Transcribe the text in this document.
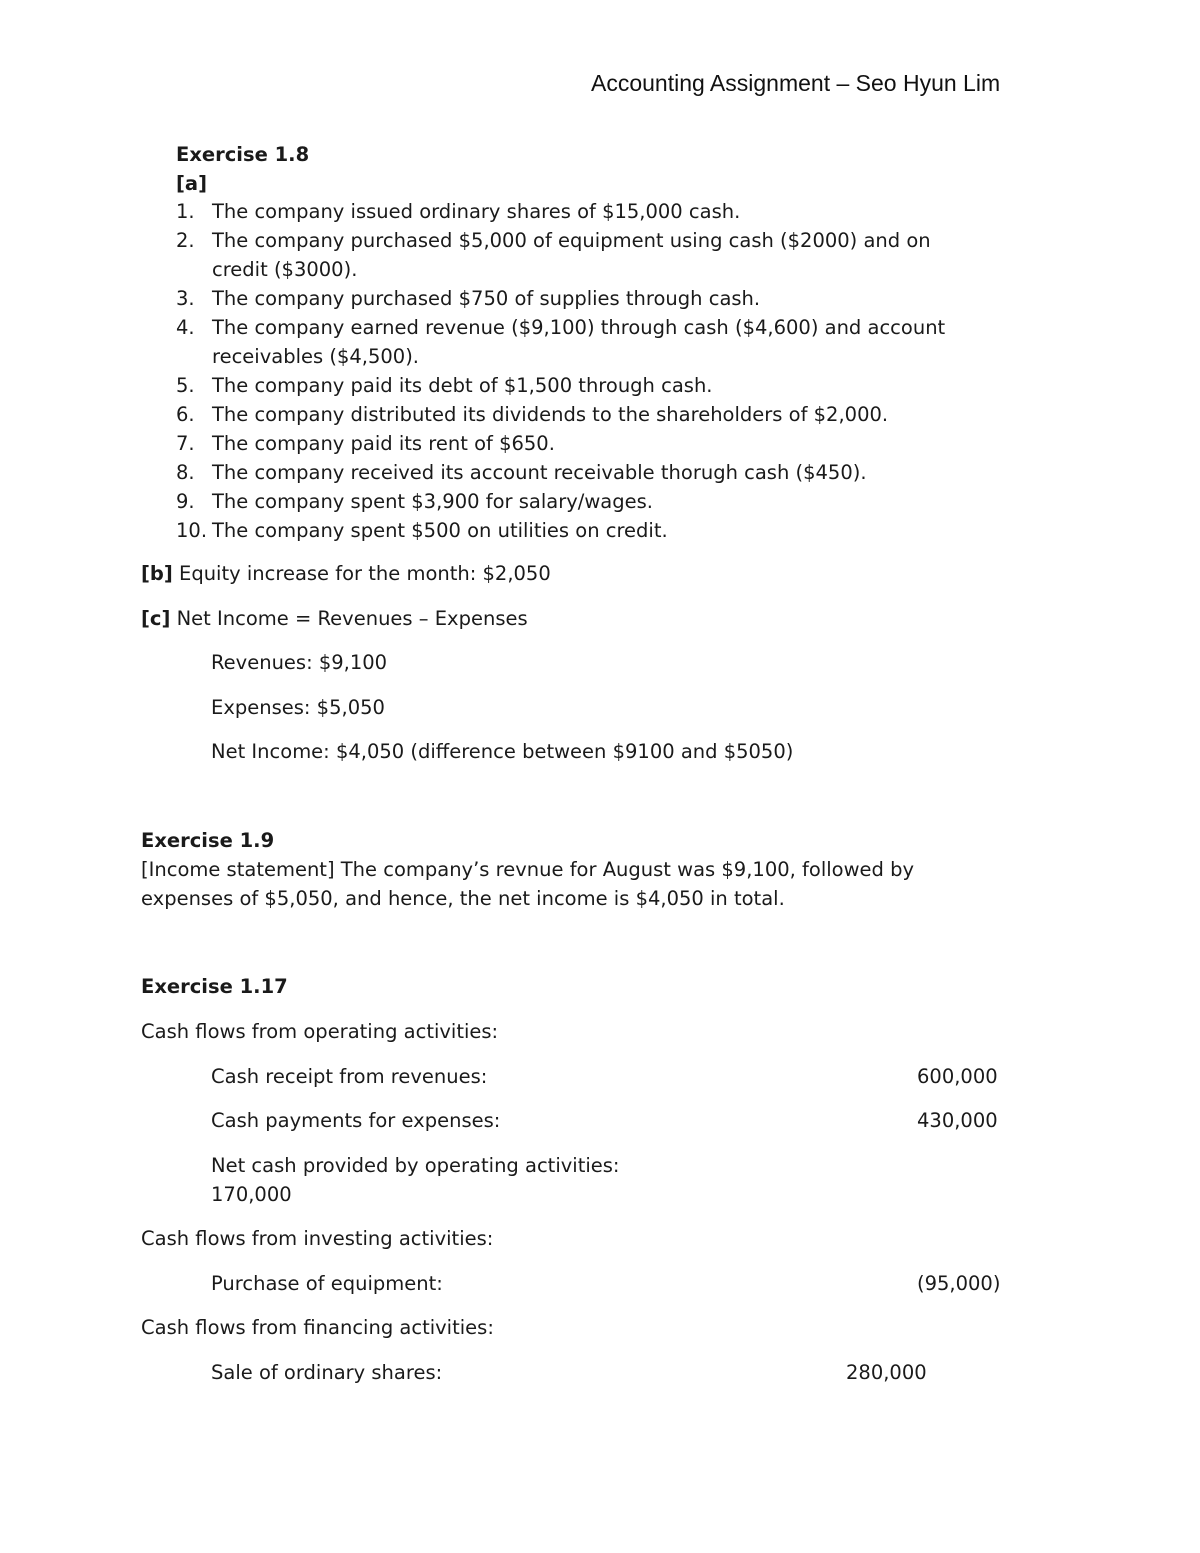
Accounting Assignment – Seo Hyun Lim
Exercise 1.8
[a]
1. The company issued ordinary shares of $15,000 cash.
2. The company purchased $5,000 of equipment using cash ($2000) and on
credit ($3000).
3. The company purchased $750 of supplies through cash.
4. The company earned revenue ($9,100) through cash ($4,600) and account
receivables ($4,500).
5. The company paid its debt of $1,500 through cash.
6. The company distributed its dividends to the shareholders of $2,000.
7. The company paid its rent of $650.
8. The company received its account receivable thorugh cash ($450).
9. The company spent $3,900 for salary/wages.
10. The company spent $500 on utilities on credit.
[b] Equity increase for the month: $2,050
[c] Net Income = Revenues – Expenses
Revenues: $9,100
Expenses: $5,050
Net Income: $4,050 (difference between $9100 and $5050)
Exercise 1.9
[Income statement] The company’s revnue for August was $9,100, followed by
expenses of $5,050, and hence, the net income is $4,050 in total.
Exercise 1.17
Cash flows from operating activities:
Cash receipt from revenues:	600,000
Cash payments for expenses:	430,000
Net cash provided by operating activities:
170,000
Cash flows from investing activities:
Purchase of equipment:	(95,000)
Cash flows from financing activities:
Sale of ordinary shares:	280,000
